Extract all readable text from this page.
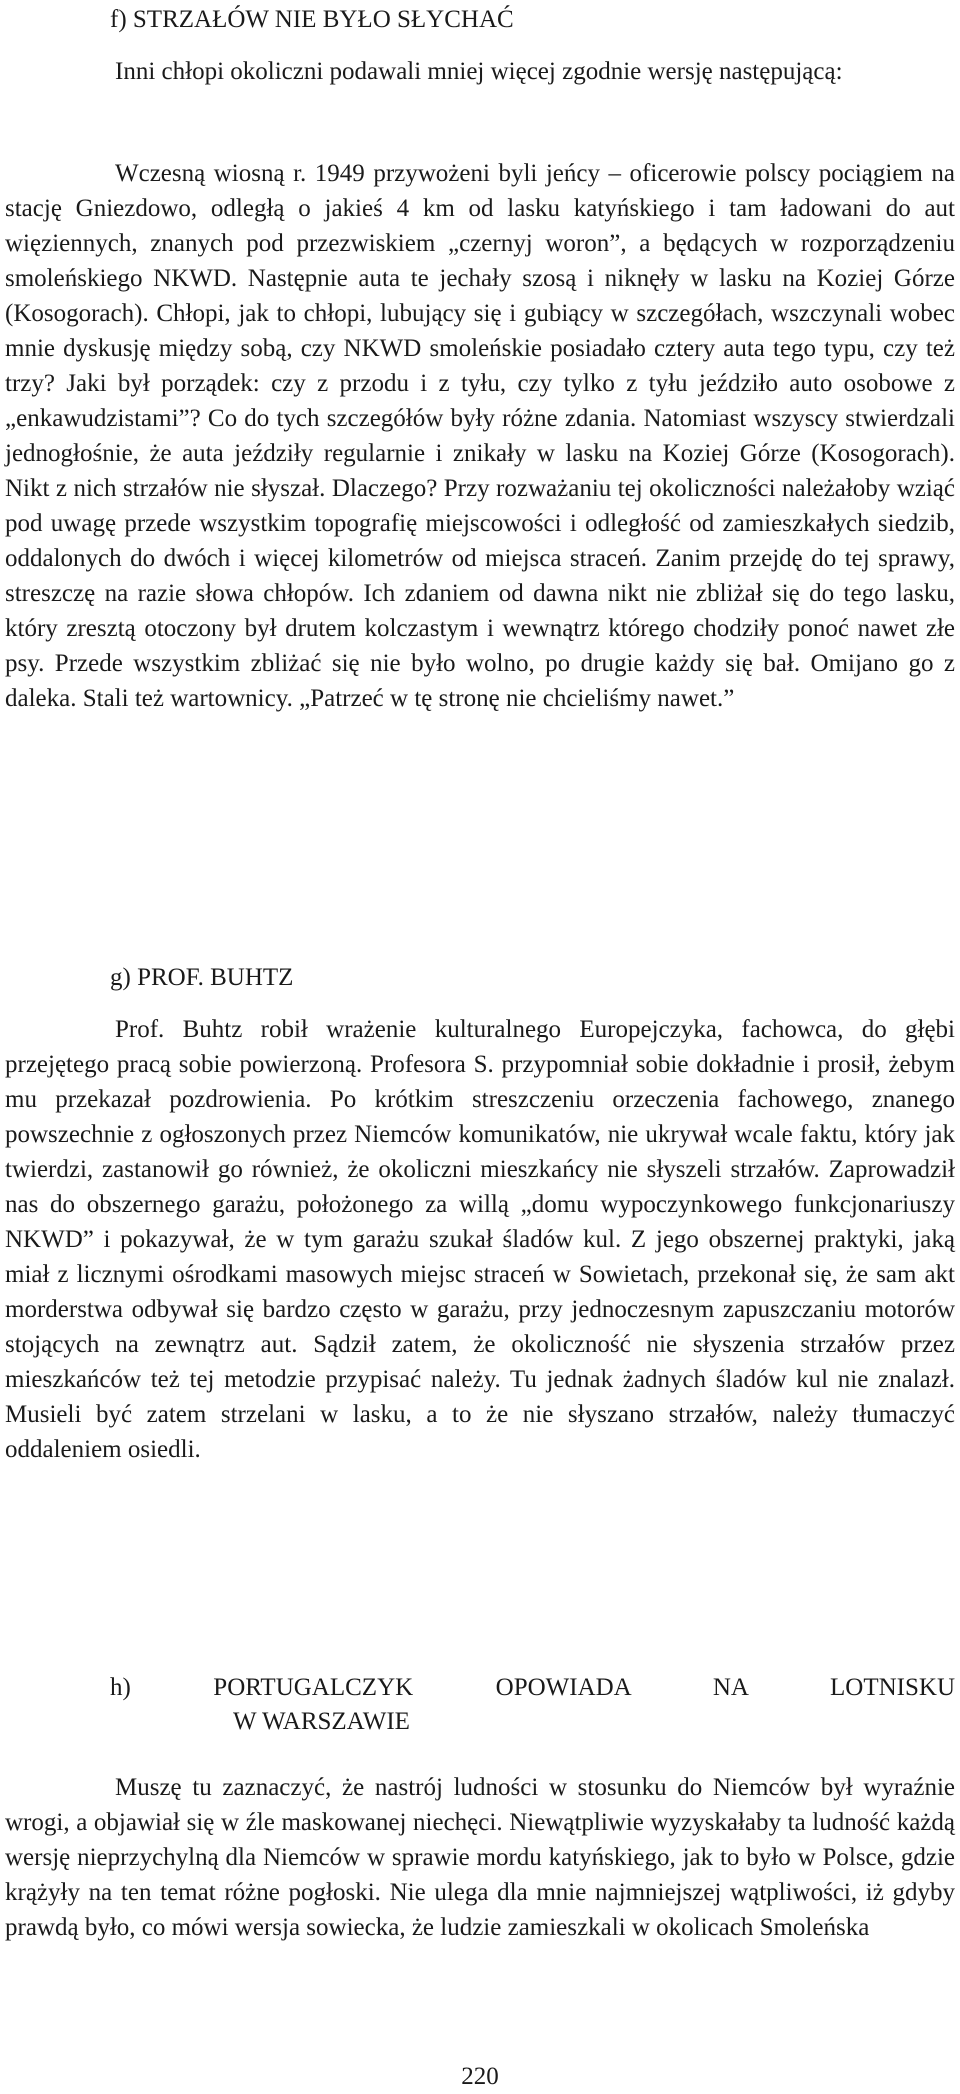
f) STRZAŁÓW NIE BYŁO SŁYCHAĆ

Inni chłopi okoliczni podawali mniej więcej zgodnie wersję następującą:

Wczesną wiosną r. 1949 przywożeni byli jeńcy – oficerowie polscy pociągiem na stację Gniezdowo, odległą o jakieś 4 km od lasku katyńskiego i tam ładowani do aut więziennych, znanych pod przezwiskiem „czernyj woron”, a będących w rozporządzeniu smoleńskiego NKWD. Następnie auta te jechały szosą i niknęły w lasku na Koziej Górze (Kosogorach). Chłopi, jak to chłopi, lubujący się i gubiący w szczegółach, wszczynali wobec mnie dyskusję między sobą, czy NKWD smoleńskie posiadało cztery auta tego typu, czy też trzy? Jaki był porządek: czy z przodu i z tyłu, czy tylko z tyłu jeździło auto osobowe z „enkawudzistami”? Co do tych szczegółów były różne zdania. Natomiast wszyscy stwierdzali jednogłośnie, że auta jeździły regularnie i znikały w lasku na Koziej Górze (Kosogorach). Nikt z nich strzałów nie słyszał. Dlaczego? Przy rozważaniu tej okoliczności należałoby wziąć pod uwagę przede wszystkim topografię miejscowości i odległość od zamieszkałych siedzib, oddalonych do dwóch i więcej kilometrów od miejsca straceń. Zanim przejdę do tej sprawy, streszczę na razie słowa chłopów. Ich zdaniem od dawna nikt nie zbliżał się do tego lasku, który zresztą otoczony był drutem kolczastym i wewnątrz którego chodziły ponoć nawet złe psy. Przede wszystkim zbliżać się nie było wolno, po drugie każdy się bał. Omijano go z daleka. Stali też wartownicy. „Patrzeć w tę stronę nie chcieliśmy nawet.”

g) PROF. BUHTZ

Prof. Buhtz robił wrażenie kulturalnego Europejczyka, fachowca, do głębi przejętego pracą sobie powierzoną. Profesora S. przypomniał sobie dokładnie i prosił, żebym mu przekazał pozdrowienia. Po krótkim streszczeniu orzeczenia fachowego, znanego powszechnie z ogłoszonych przez Niemców komunikatów, nie ukrywał wcale faktu, który jak twierdzi, zastanowił go również, że okoliczni mieszkańcy nie słyszeli strzałów. Zaprowadził nas do obszernego garażu, położonego za willą „domu wypoczynkowego funkcjonariuszy NKWD” i pokazywał, że w tym garażu szukał śladów kul. Z jego obszernej praktyki, jaką miał z licznymi ośrodkami masowych miejsc straceń w Sowietach, przekonał się, że sam akt morderstwa odbywał się bardzo często w garażu, przy jednoczesnym zapuszczaniu motorów stojących na zewnątrz aut. Sądził zatem, że okoliczność nie słyszenia strzałów przez mieszkańców też tej metodzie przypisać należy. Tu jednak żadnych śladów kul nie znalazł. Musieli być zatem strzelani w lasku, a to że nie słyszano strzałów, należy tłumaczyć oddaleniem osiedli.

h) PORTUGALCZYK OPOWIADA NA LOTNISKU
W WARSZAWIE

Muszę tu zaznaczyć, że nastrój ludności w stosunku do Niemców był wyraźnie wrogi, a objawiał się w źle maskowanej niechęci. Niewątpliwie wyzyskałaby ta ludność każdą wersję nieprzychylną dla Niemców w sprawie mordu katyńskiego, jak to było w Polsce, gdzie krążyły na ten temat różne pogłoski. Nie ulega dla mnie najmniejszej wątpliwości, iż gdyby prawdą było, co mówi wersja sowiecka, że ludzie zamieszkali w okolicach Smoleńska

220
